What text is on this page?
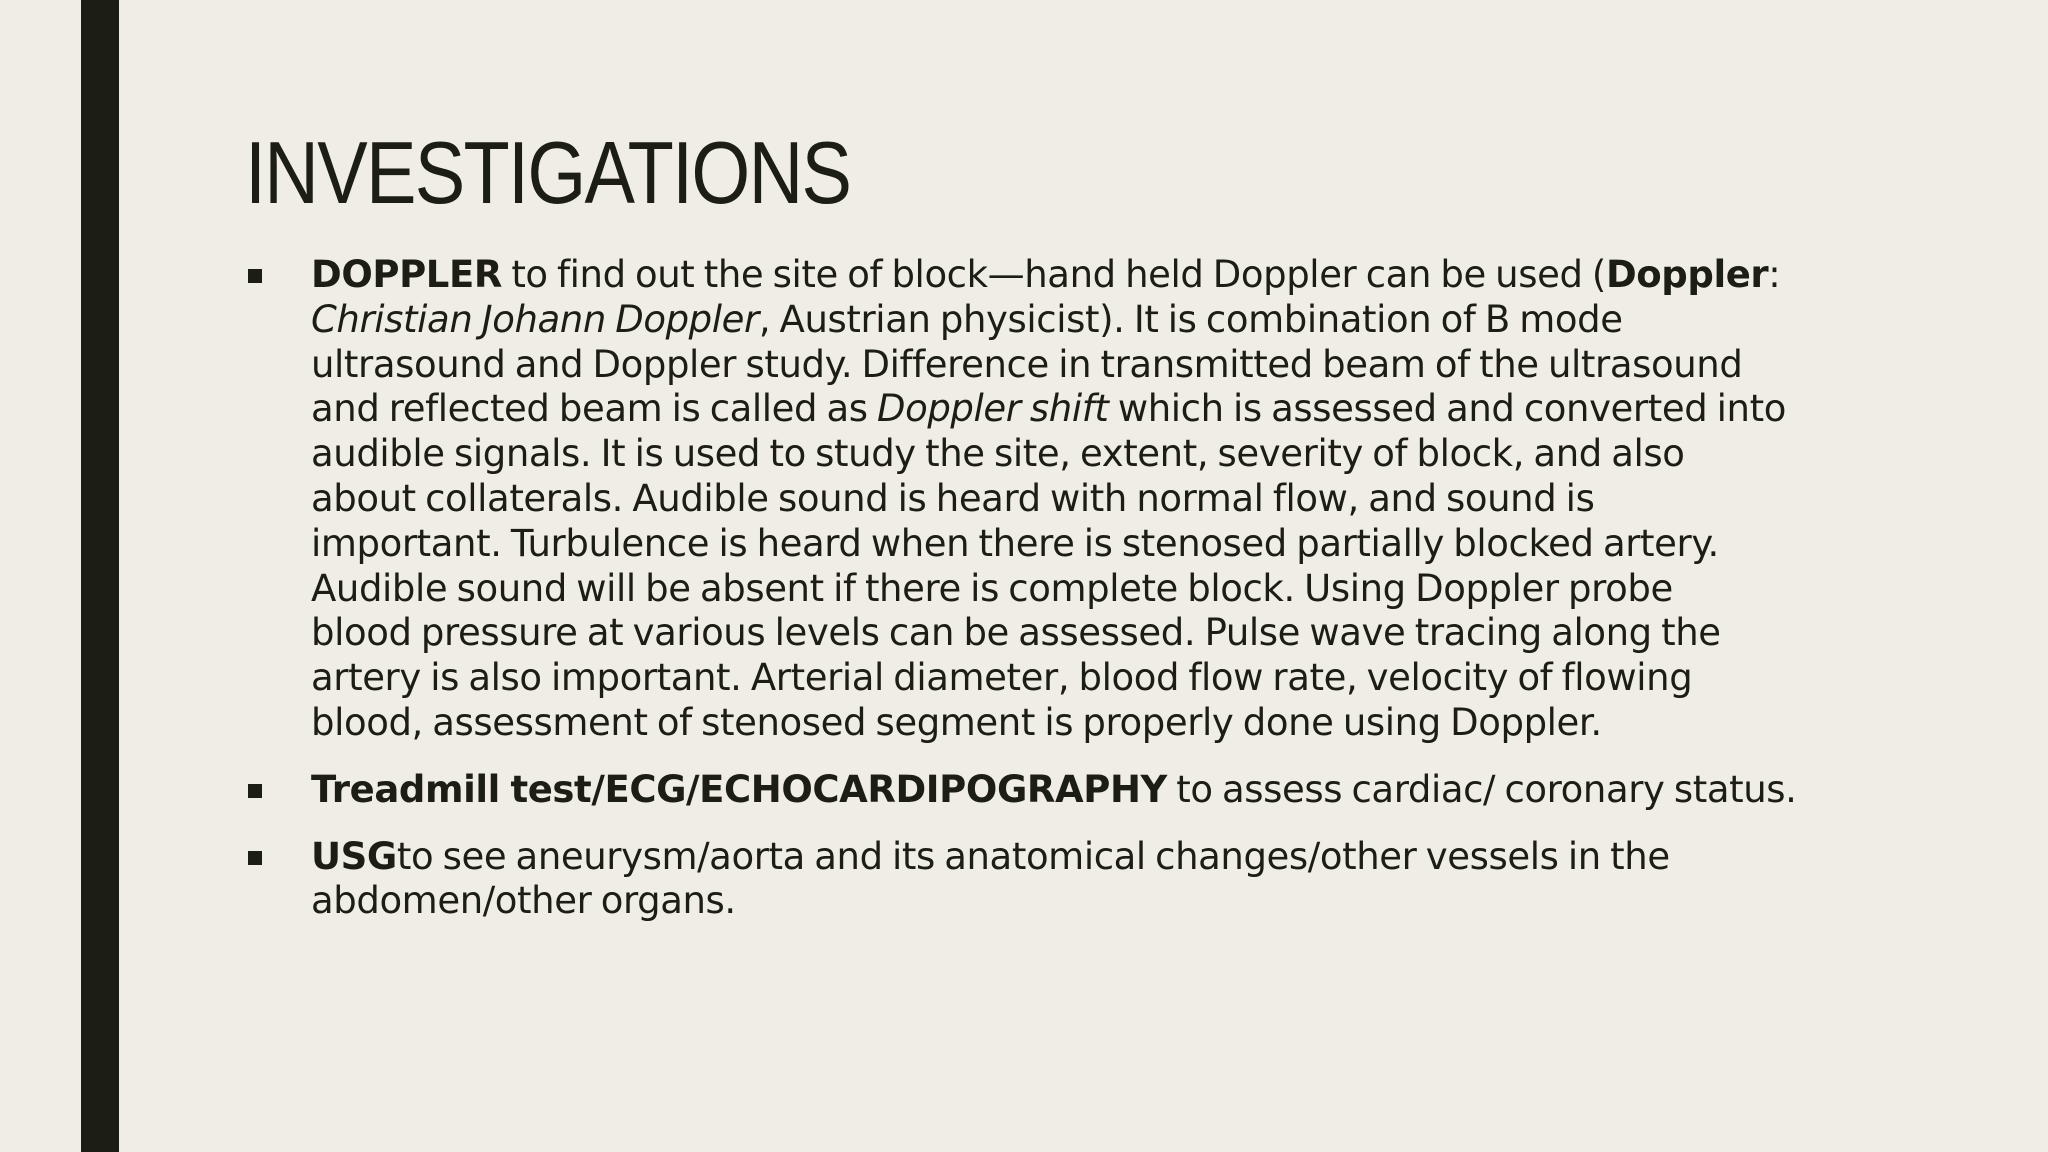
INVESTIGATIONS
DOPPLER to find out the site of block—hand held Doppler can be used (Doppler:
Christian Johann Doppler, Austrian physicist). It is combination of B mode
ultrasound and Doppler study. Difference in transmitted beam of the ultrasound
and reflected beam is called as Doppler shift which is assessed and converted into
audible signals. It is used to study the site, extent, severity of block, and also
about collaterals. Audible sound is heard with normal flow, and sound is
important. Turbulence is heard when there is stenosed partially blocked artery.
Audible sound will be absent if there is complete block. Using Doppler probe
blood pressure at various levels can be assessed. Pulse wave tracing along the
artery is also important. Arterial diameter, blood flow rate, velocity of flowing
blood, assessment of stenosed segment is properly done using Doppler.
Treadmill test/ECG/ECHOCARDIPOGRAPHY to assess cardiac/ coronary status.
USGto see aneurysm/aorta and its anatomical changes/other vessels in the
abdomen/other organs.
